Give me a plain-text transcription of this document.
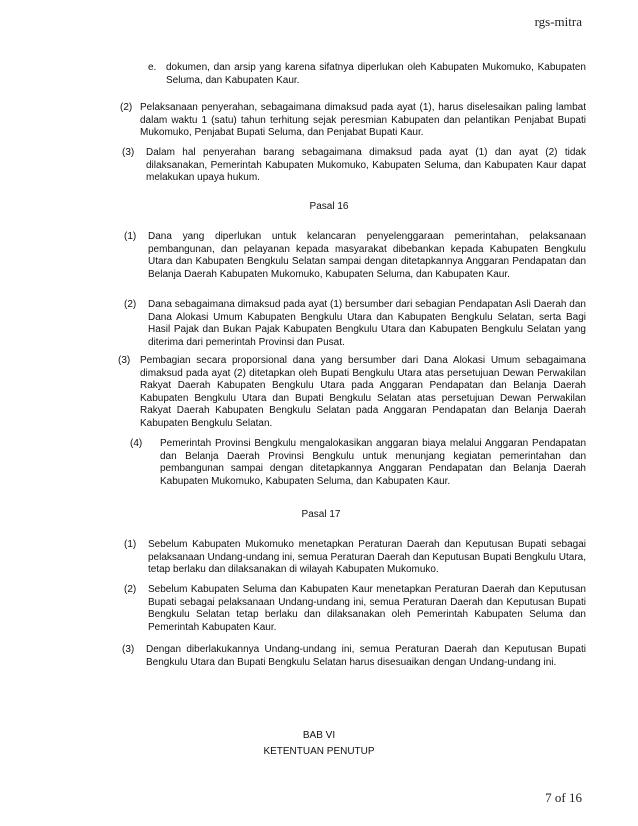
rgs-mitra
e. dokumen, dan arsip yang karena sifatnya diperlukan oleh Kabupaten Mukomuko, Kabupaten Seluma, dan Kabupaten Kaur.
(2) Pelaksanaan penyerahan, sebagaimana dimaksud pada ayat (1), harus diselesaikan paling lambat dalam waktu 1 (satu) tahun terhitung sejak peresmian Kabupaten dan pelantikan Penjabat Bupati Mukomuko, Penjabat Bupati Seluma, dan Penjabat Bupati Kaur.
(3) Dalam hal penyerahan barang sebagaimana dimaksud pada ayat (1) dan ayat (2) tidak dilaksanakan, Pemerintah Kabupaten Mukomuko, Kabupaten Seluma, dan Kabupaten Kaur dapat melakukan upaya hukum.
Pasal 16
(1) Dana yang diperlukan untuk kelancaran penyelenggaraan pemerintahan, pelaksanaan pembangunan, dan pelayanan kepada masyarakat dibebankan kepada Kabupaten Bengkulu Utara dan Kabupaten Bengkulu Selatan sampai dengan ditetapkannya Anggaran Pendapatan dan Belanja Daerah Kabupaten Mukomuko, Kabupaten Seluma, dan Kabupaten Kaur.
(2) Dana sebagaimana dimaksud pada ayat (1) bersumber dari sebagian Pendapatan Asli Daerah dan Dana Alokasi Umum Kabupaten Bengkulu Utara dan Kabupaten Bengkulu Selatan, serta Bagi Hasil Pajak dan Bukan Pajak Kabupaten Bengkulu Utara dan Kabupaten Bengkulu Selatan yang diterima dari pemerintah Provinsi dan Pusat.
(3) Pembagian secara proporsional dana yang bersumber dari Dana Alokasi Umum sebagaimana dimaksud pada ayat (2) ditetapkan oleh Bupati Bengkulu Utara atas persetujuan Dewan Perwakilan Rakyat Daerah Kabupaten Bengkulu Utara pada Anggaran Pendapatan dan Belanja Daerah Kabupaten Bengkulu Utara dan Bupati Bengkulu Selatan atas persetujuan Dewan Perwakilan Rakyat Daerah Kabupaten Bengkulu Selatan pada Anggaran Pendapatan dan Belanja Daerah Kabupaten Bengkulu Selatan.
(4) Pemerintah Provinsi Bengkulu mengalokasikan anggaran biaya melalui Anggaran Pendapatan dan Belanja Daerah Provinsi Bengkulu untuk menunjang kegiatan pemerintahan dan pembangunan sampai dengan ditetapkannya Anggaran Pendapatan dan Belanja Daerah Kabupaten Mukomuko, Kabupaten Seluma, dan Kabupaten Kaur.
Pasal 17
(1) Sebelum Kabupaten Mukomuko menetapkan Peraturan Daerah dan Keputusan Bupati sebagai pelaksanaan Undang-undang ini, semua Peraturan Daerah dan Keputusan Bupati Bengkulu Utara, tetap berlaku dan dilaksanakan di wilayah Kabupaten Mukomuko.
(2) Sebelum Kabupaten Seluma dan Kabupaten Kaur menetapkan Peraturan Daerah dan Keputusan Bupati sebagai pelaksanaan Undang-undang ini, semua Peraturan Daerah dan Keputusan Bupati Bengkulu Selatan tetap berlaku dan dilaksanakan oleh Pemerintah Kabupaten Seluma dan Pemerintah Kabupaten Kaur.
(3) Dengan diberlakukannya Undang-undang ini, semua Peraturan Daerah dan Keputusan Bupati Bengkulu Utara dan Bupati Bengkulu Selatan harus disesuaikan dengan Undang-undang ini.
BAB VI
KETENTUAN PENUTUP
7 of 16
